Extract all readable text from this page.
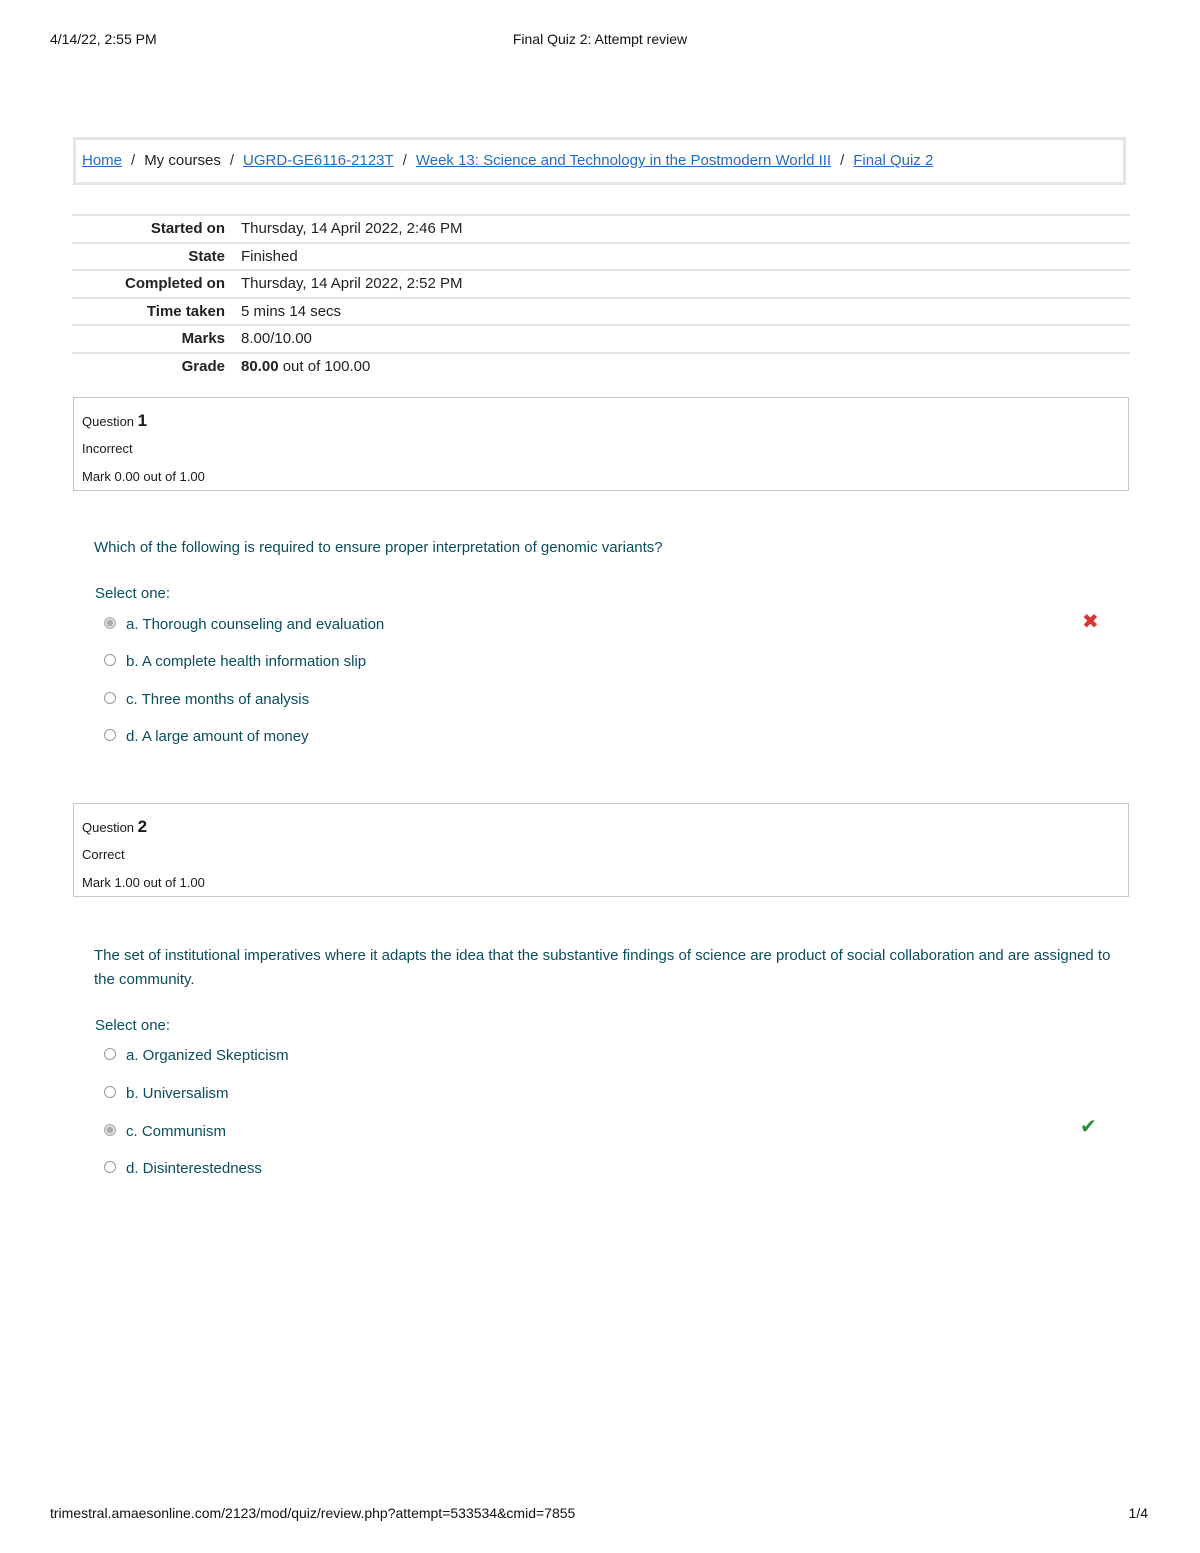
4/14/22, 2:55 PM	Final Quiz 2: Attempt review
Home / My courses / UGRD-GE6116-2123T / Week 13: Science and Technology in the Postmodern World III / Final Quiz 2
Started on	Thursday, 14 April 2022, 2:46 PM
State	Finished
Completed on	Thursday, 14 April 2022, 2:52 PM
Time taken	5 mins 14 secs
Marks	8.00/10.00
Grade	80.00 out of 100.00
Question 1
Incorrect
Mark 0.00 out of 1.00
Which of the following is required to ensure proper interpretation of genomic variants?
Select one:
a. Thorough counseling and evaluation
b. A complete health information slip
c. Three months of analysis
d. A large amount of money
✖
Question 2
Correct
Mark 1.00 out of 1.00
The set of institutional imperatives where it adapts the idea that the substantive findings of science are product of social collaboration and are assigned to the community.
Select one:
a. Organized Skepticism
b. Universalism
c. Communism
d. Disinterestedness
✔
trimestral.amaesonline.com/2123/mod/quiz/review.php?attempt=533534&cmid=7855	1/4
